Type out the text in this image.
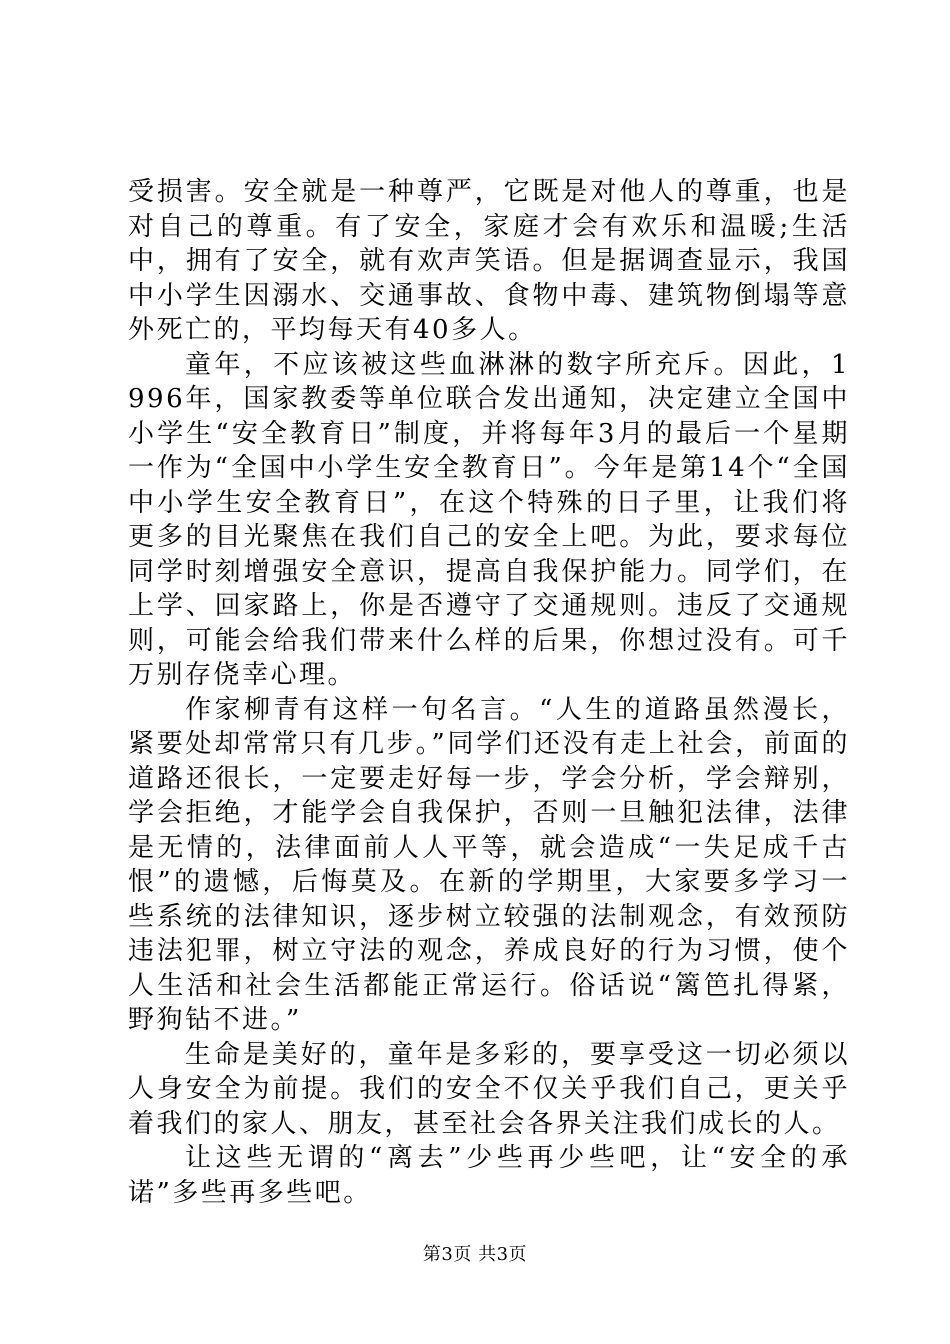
受损害。安全就是一种尊严，它既是对他人的尊重，也是对自己的尊重。有了安全，家庭才会有欢乐和温暖;生活中，拥有了安全，就有欢声笑语。但是据调查显示，我国中小学生因溺水、交通事故、食物中毒、建筑物倒塌等意外死亡的，平均每天有40多人。

童年，不应该被这些血淋淋的数字所充斥。因此，1996年，国家教委等单位联合发出通知，决定建立全国中小学生“安全教育日”制度，并将每年3月的最后一个星期一作为“全国中小学生安全教育日”。今年是第14个“全国中小学生安全教育日”，在这个特殊的日子里，让我们将更多的目光聚焦在我们自己的安全上吧。为此，要求每位同学时刻增强安全意识，提高自我保护能力。同学们，在上学、回家路上，你是否遵守了交通规则。违反了交通规则，可能会给我们带来什么样的后果，你想过没有。可千万别存侥幸心理。

作家柳青有这样一句名言。“人生的道路虽然漫长，紧要处却常常只有几步。”同学们还没有走上社会，前面的道路还很长，一定要走好每一步，学会分析，学会辩别，学会拒绝，才能学会自我保护，否则一旦触犯法律，法律是无情的，法律面前人人平等，就会造成“一失足成千古恨”的遗憾，后悔莫及。在新的学期里，大家要多学习一些系统的法律知识，逐步树立较强的法制观念，有效预防违法犯罪，树立守法的观念，养成良好的行为习惯，使个人生活和社会生活都能正常运行。俗话说“篱笆扎得紧，野狗钻不进。”

生命是美好的，童年是多彩的，要享受这一切必须以人身安全为前提。我们的安全不仅关乎我们自己，更关乎着我们的家人、朋友，甚至社会各界关注我们成长的人。

让这些无谓的“离去”少些再少些吧，让“安全的承诺”多些再多些吧。

第3页 共3页
